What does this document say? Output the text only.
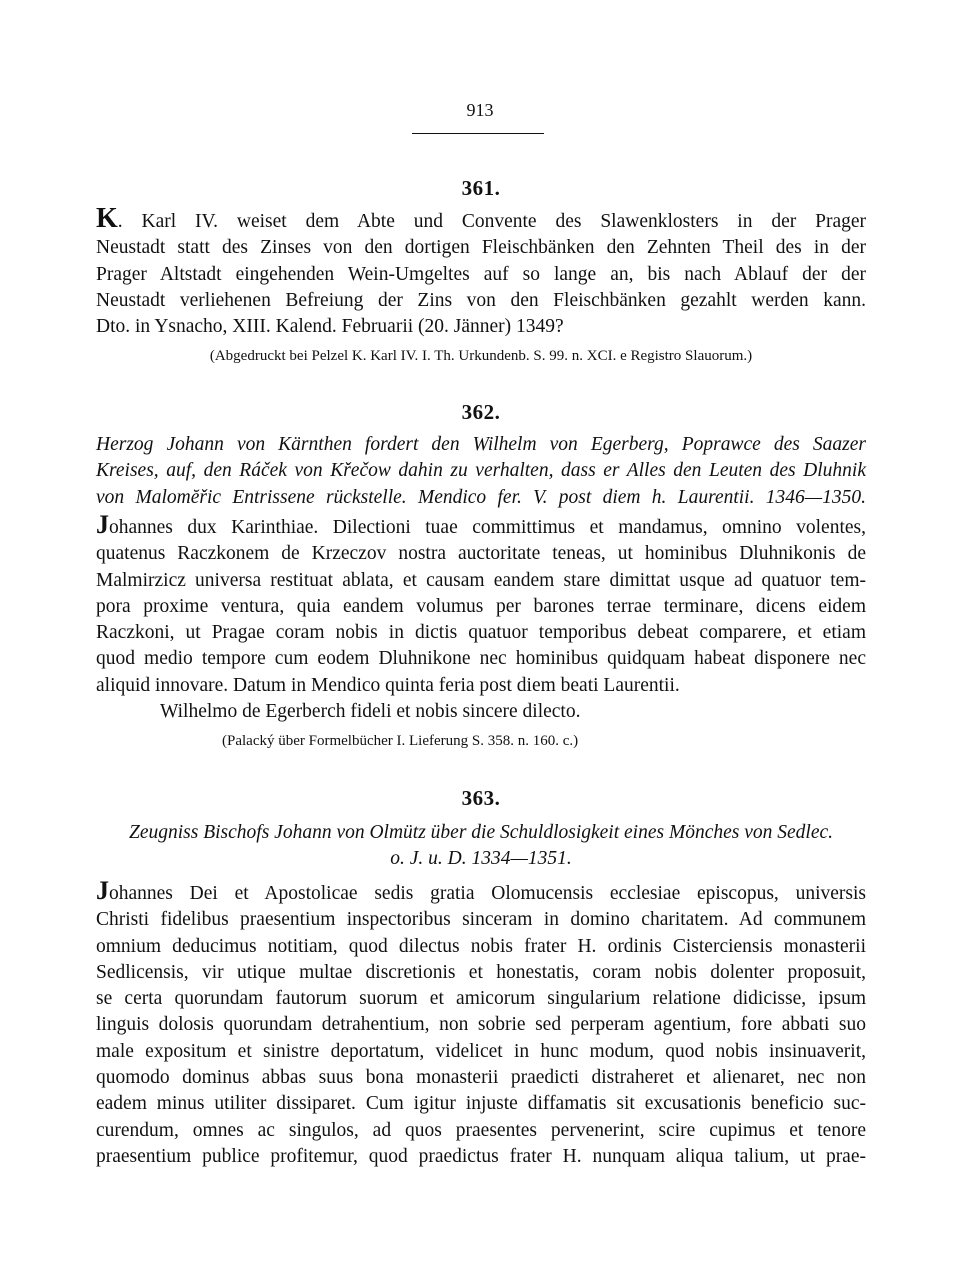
913

361.

K. Karl IV. weiset dem Abte und Convente des Slawenklosters in der Prager

Neustadt statt des Zinses von den dortigen Fleischbänken den Zehnten Theil des in der

Prager Altstadt eingehenden Wein-Umgeltes auf so lange an, bis nach Ablauf der der

Neustadt verliehenen Befreiung der Zins von den Fleischbänken gezahlt werden kann.

Dto. in Ysnacho, XIII. Kalend. Februarii (20. Jänner) 1349?

(Abgedruckt bei Pelzel K. Karl IV. I. Th. Urkundenb. S. 99. n. XCI. e Registro Slauorum.)

362.

Herzog Johann von Kärnthen fordert den Wilhelm von Egerberg, Poprawce des Saazer

Kreises, auf, den Ráček von Křečow dahin zu verhalten, dass er Alles den Leuten des Dluhnik

von Malomĕřic Entrissene rückstelle. Mendico fer. V. post diem h. Laurentii. 1346—1350.

Johannes dux Karinthiae. Dilectioni tuae committimus et mandamus, omnino volentes,

quatenus Raczkonem de Krzeczov nostra auctoritate teneas, ut hominibus Dluhnikonis de

Malmirzicz universa restituat ablata, et causam eandem stare dimittat usque ad quatuor tem-

pora proxime ventura, quia eandem volumus per barones terrae terminare, dicens eidem

Raczkoni, ut Pragae coram nobis in dictis quatuor temporibus debeat comparere, et etiam

quod medio tempore cum eodem Dluhnikone nec hominibus quidquam habeat disponere nec

aliquid innovare. Datum in Mendico quinta feria post diem beati Laurentii.

Wilhelmo de Egerberch fideli et nobis sincere dilecto.

(Palacký über Formelbücher I. Lieferung S. 358. n. 160. c.)

363.

Zeugniss Bischofs Johann von Olmütz über die Schuldlosigkeit eines Mönches von Sedlec.

o. J. u. D. 1334—1351.

Johannes Dei et Apostolicae sedis gratia Olomucensis ecclesiae episcopus, universis

Christi fidelibus praesentium inspectoribus sinceram in domino charitatem. Ad communem

omnium deducimus notitiam, quod dilectus nobis frater H. ordinis Cisterciensis monasterii

Sedlicensis, vir utique multae discretionis et honestatis, coram nobis dolenter proposuit,

se certa quorundam fautorum suorum et amicorum singularium relatione didicisse, ipsum

linguis dolosis quorundam detrahentium, non sobrie sed perperam agentium, fore abbati suo

male expositum et sinistre deportatum, videlicet in hunc modum, quod nobis insinuaverit,

quomodo dominus abbas suus bona monasterii praedicti distraheret et alienaret, nec non

eadem minus utiliter dissiparet. Cum igitur injuste diffamatis sit excusationis beneficio suc-

curendum, omnes ac singulos, ad quos praesentes pervenerint, scire cupimus et tenore

praesentium publice profitemur, quod praedictus frater H. nunquam aliqua talium, ut prae-
